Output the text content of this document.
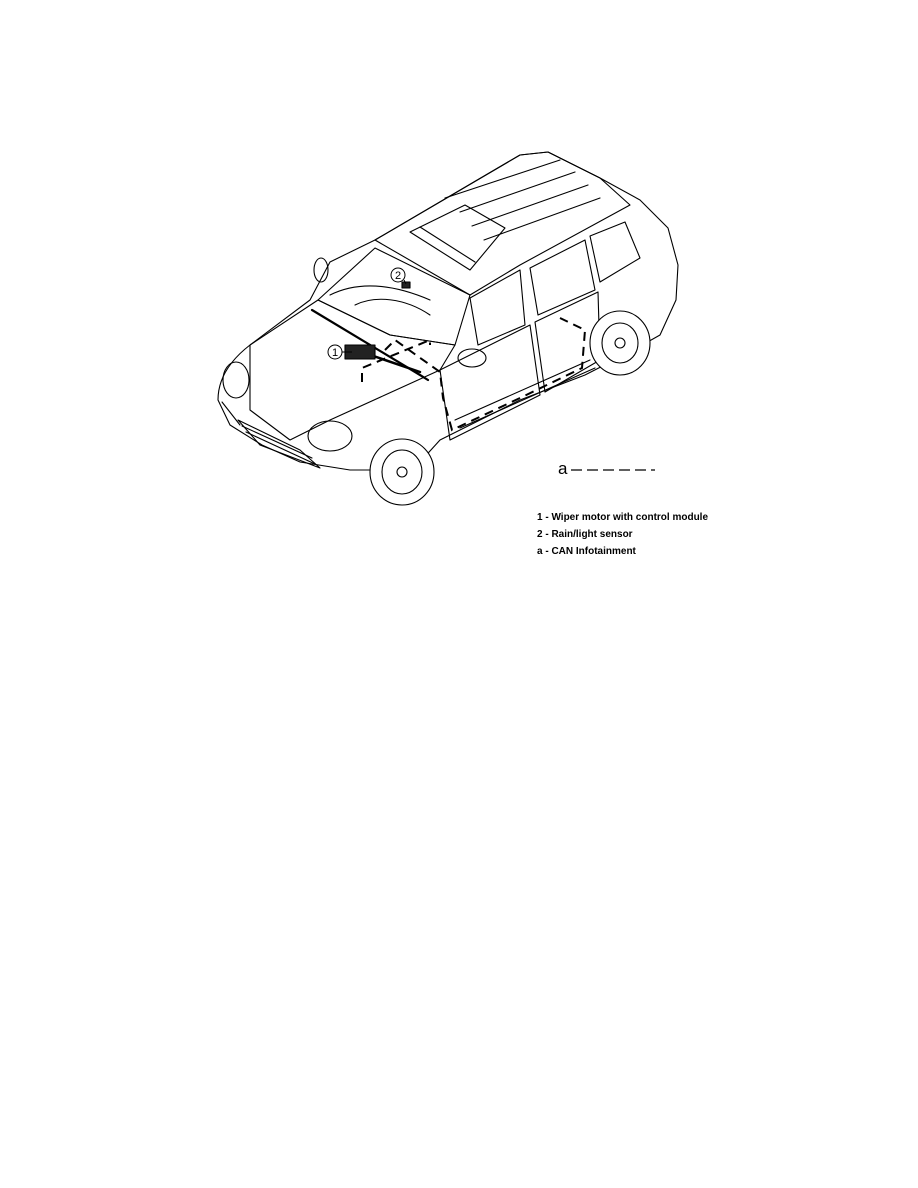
1
2
a
1 - Wiper motor with control module
2 - Rain/light sensor
a - CAN Infotainment
